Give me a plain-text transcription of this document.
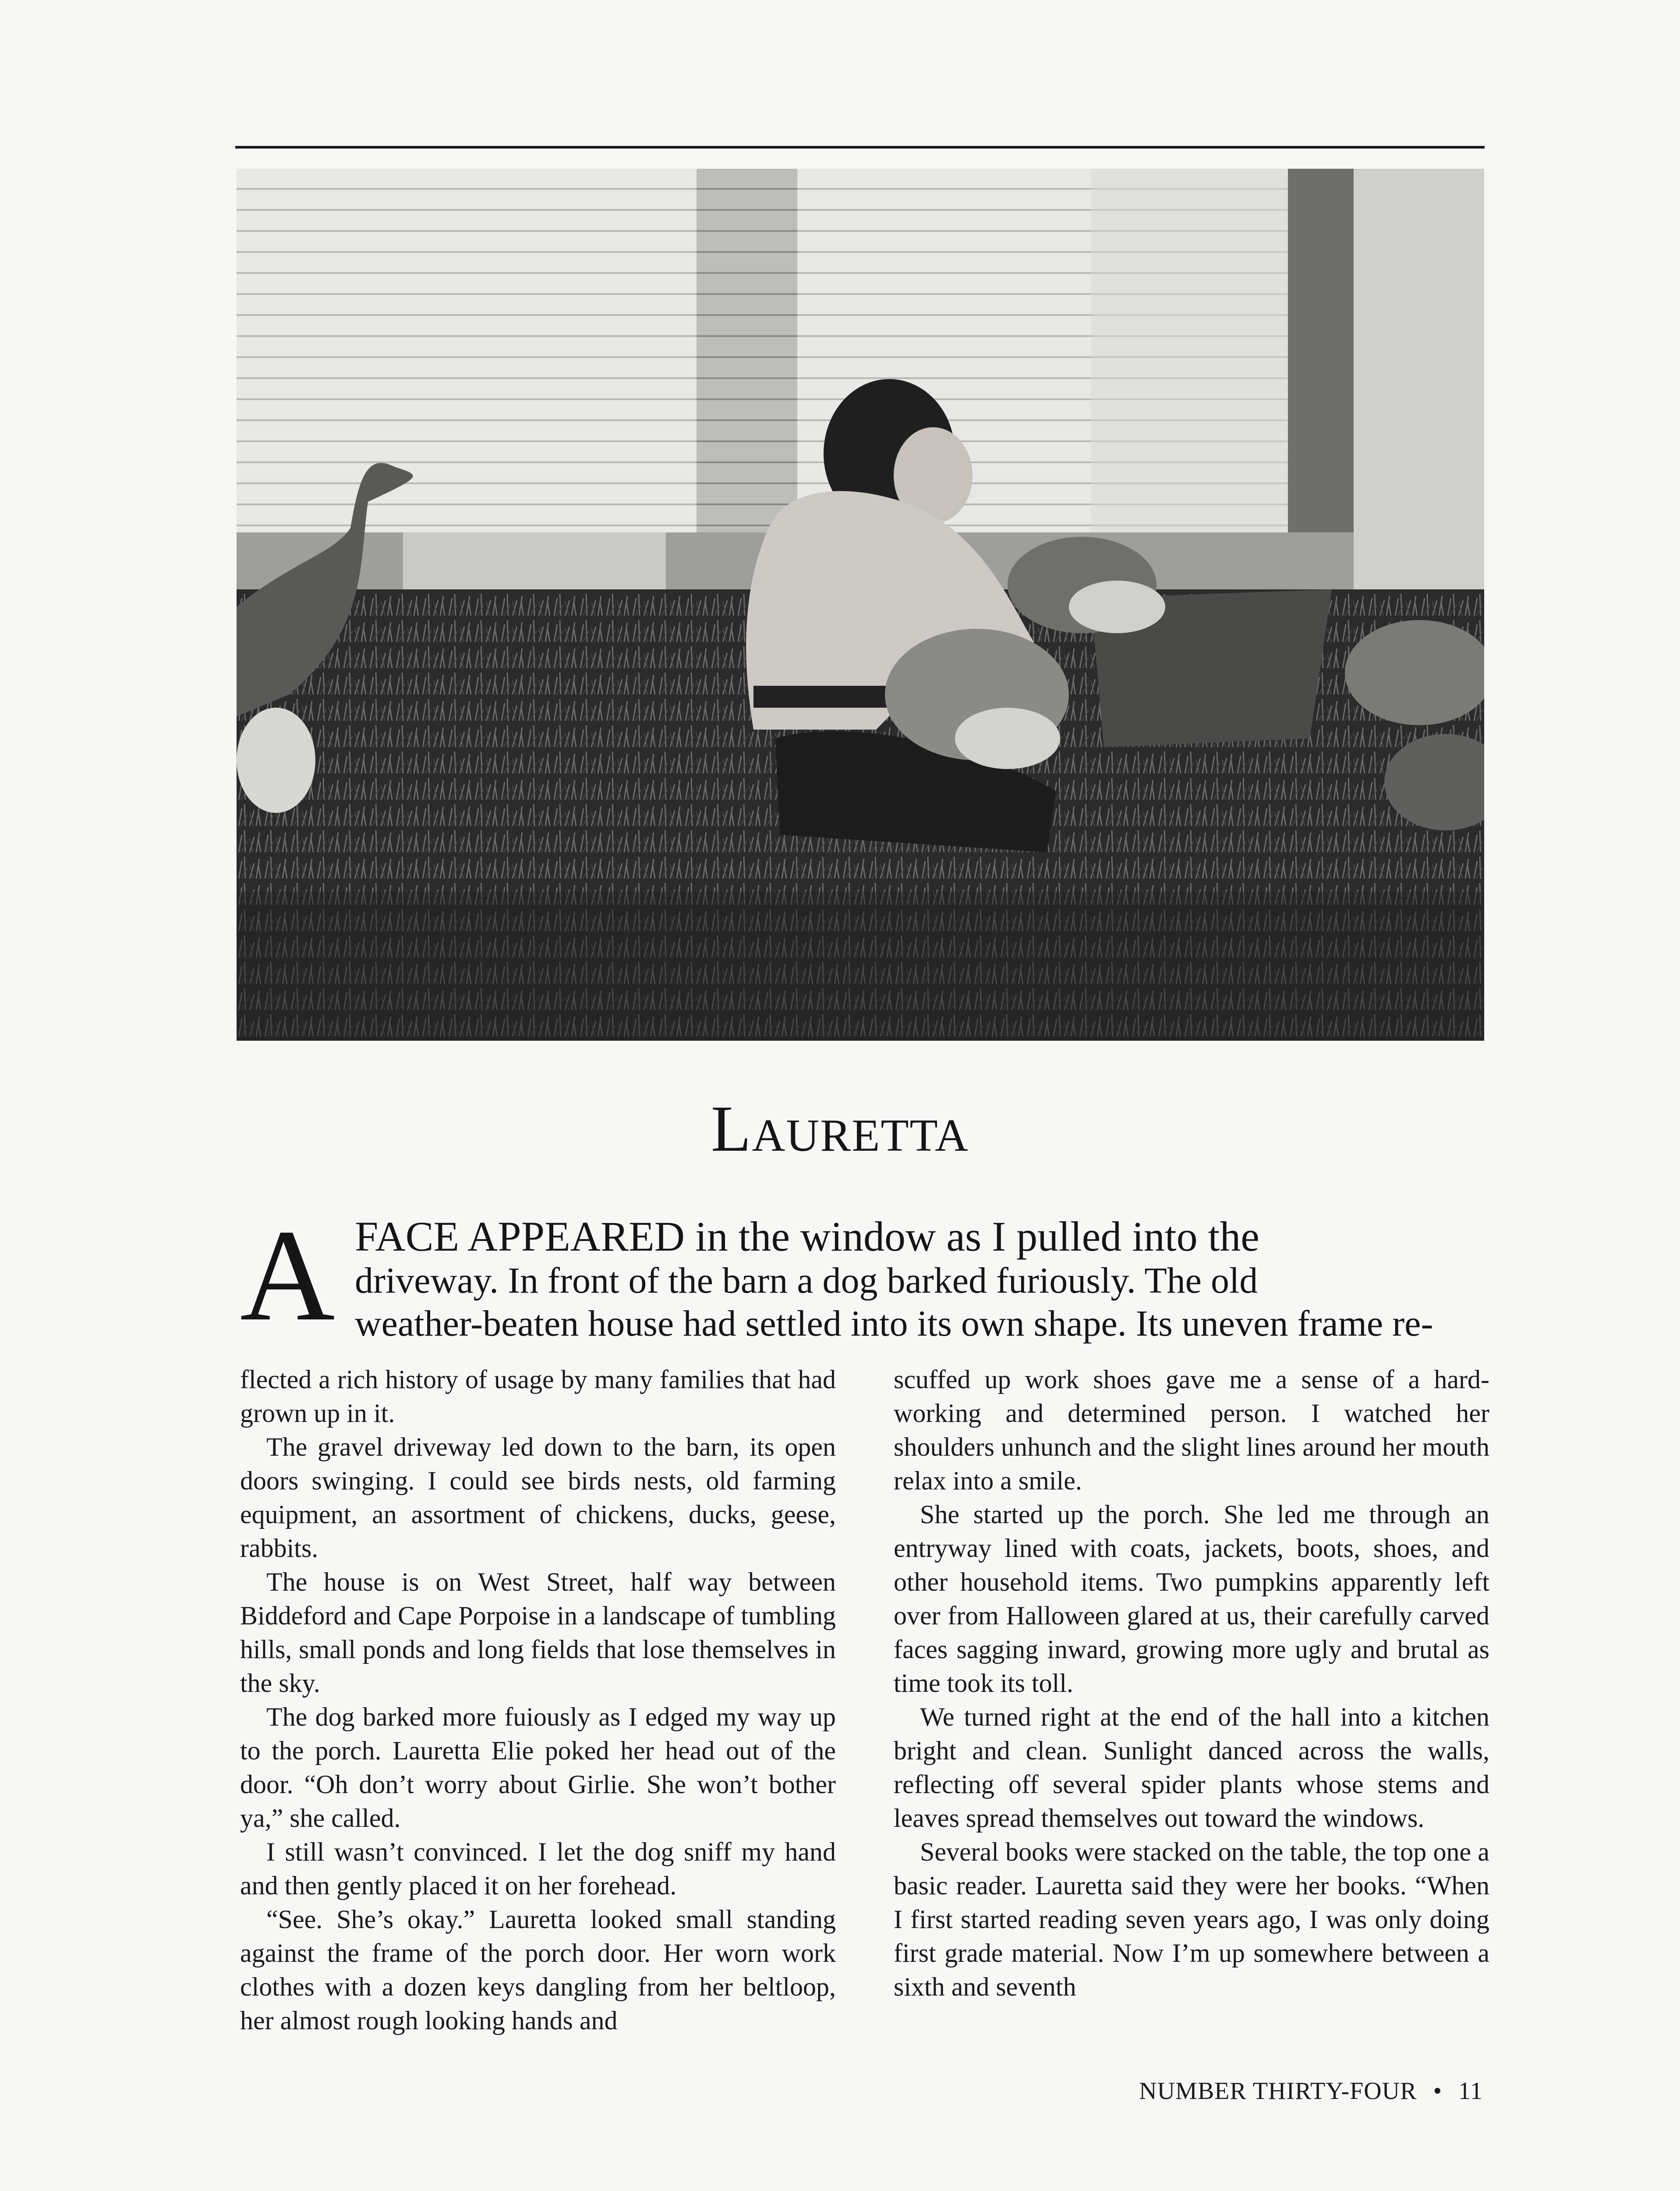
Lauretta
A FACE APPEARED in the window as I pulled into the

driveway. In front of the barn a dog barked furiously. The old

weather-beaten house had settled into its own shape. Its uneven frame re-

flected a rich history of usage by many families that had grown up in it.

The gravel driveway led down to the barn, its open doors swinging. I could see birds nests, old farming equipment, an assortment of chickens, ducks, geese, rabbits.

The house is on West Street, half way between Biddeford and Cape Porpoise in a landscape of tumbling hills, small ponds and long fields that lose themselves in the sky.

The dog barked more fuiously as I edged my way up to the porch. Lauretta Elie poked her head out of the door. “Oh don’t worry about Girlie. She won’t bother ya,” she called.

I still wasn’t convinced. I let the dog sniff my hand and then gently placed it on her forehead.

“See. She’s okay.” Lauretta looked small standing against the frame of the porch door. Her worn work clothes with a dozen keys dangling from her beltloop, her almost rough looking hands and

scuffed up work shoes gave me a sense of a hard-working and determined person. I watched her shoulders unhunch and the slight lines around her mouth relax into a smile.

She started up the porch. She led me through an entryway lined with coats, jackets, boots, shoes, and other household items. Two pumpkins apparently left over from Halloween glared at us, their carefully carved faces sagging inward, growing more ugly and brutal as time took its toll.

We turned right at the end of the hall into a kitchen bright and clean. Sunlight danced across the walls, reflecting off several spider plants whose stems and leaves spread themselves out toward the windows.

Several books were stacked on the table, the top one a basic reader. Lauretta said they were her books. “When I first started reading seven years ago, I was only doing first grade material. Now I’m up somewhere between a sixth and seventh

NUMBER THIRTY-FOUR • 11
